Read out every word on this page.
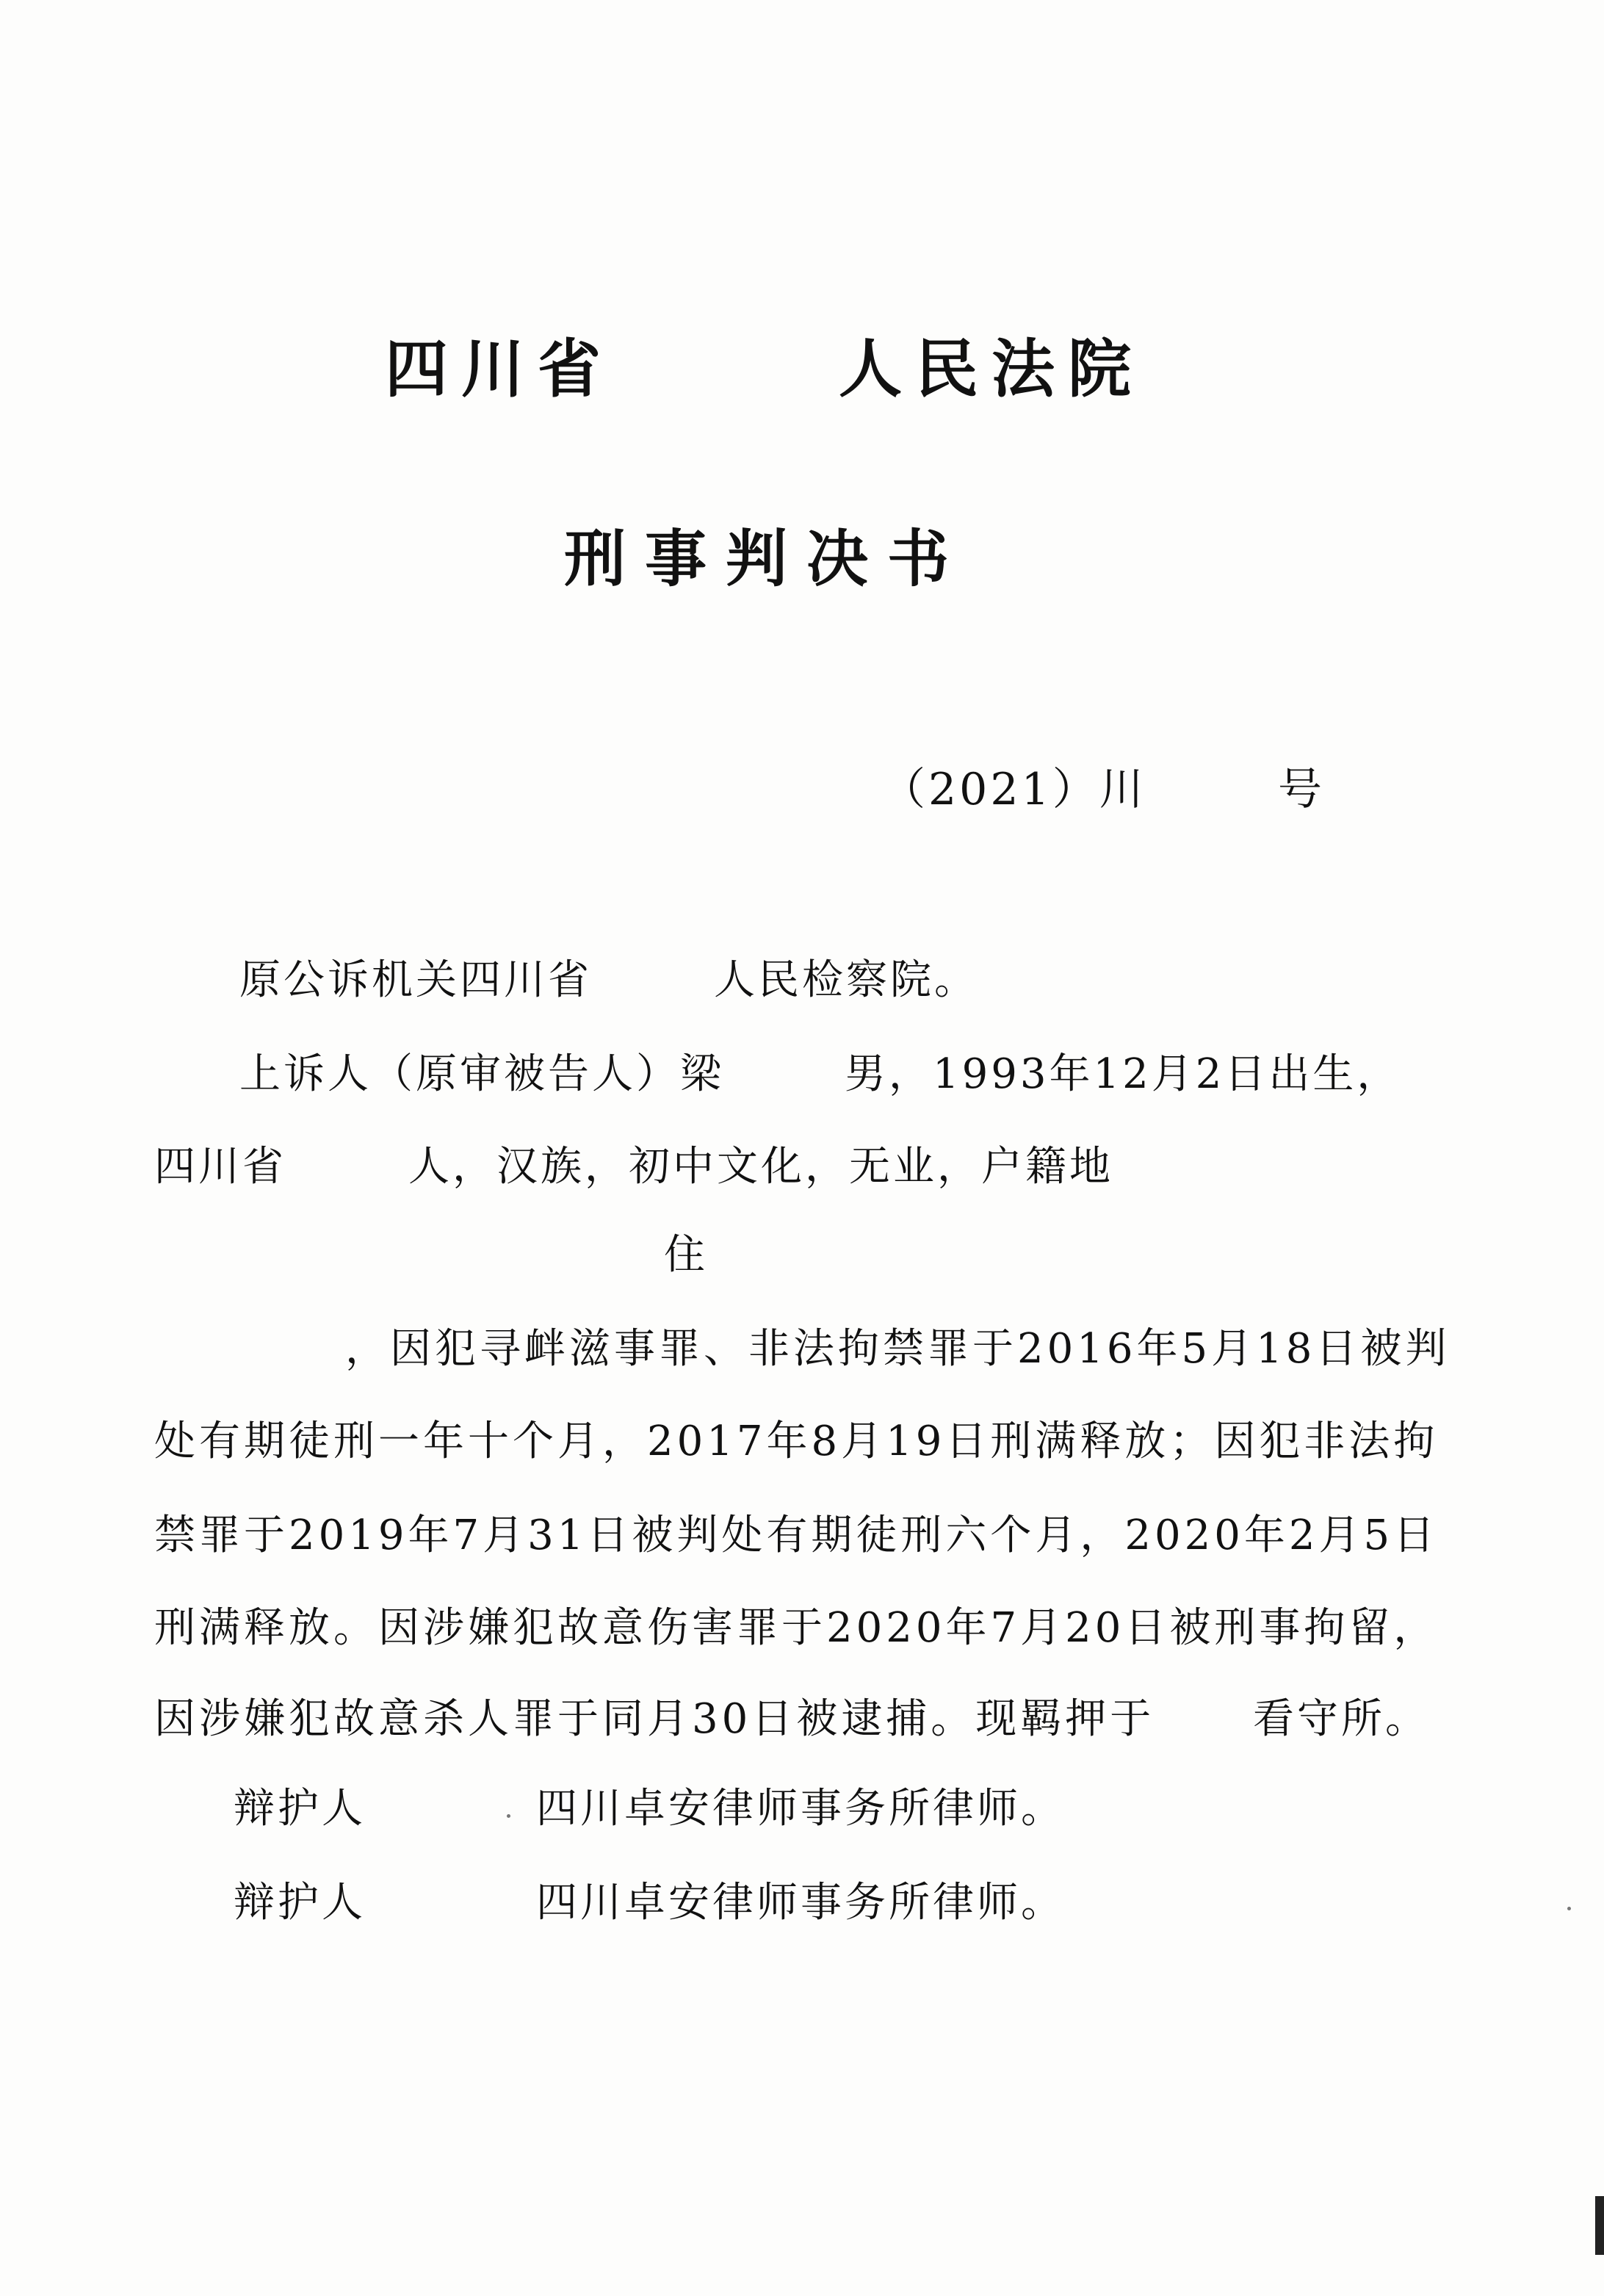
四川省	人民法院
刑事判决书
（2021）川	号
原公诉机关四川省	人民检察院。
上诉人（原审被告人）梁	男，1993年12月2日出生，
四川省	人，汉族，初中文化，无业，户籍地
住
，因犯寻衅滋事罪、非法拘禁罪于2016年5月18日被判
处有期徒刑一年十个月，2017年8月19日刑满释放；因犯非法拘
禁罪于2019年7月31日被判处有期徒刑六个月，2020年2月5日
刑满释放。因涉嫌犯故意伤害罪于2020年7月20日被刑事拘留，
因涉嫌犯故意杀人罪于同月30日被逮捕。现羁押于 看守所。
辩护人	四川卓安律师事务所律师。
辩护人	四川卓安律师事务所律师。
